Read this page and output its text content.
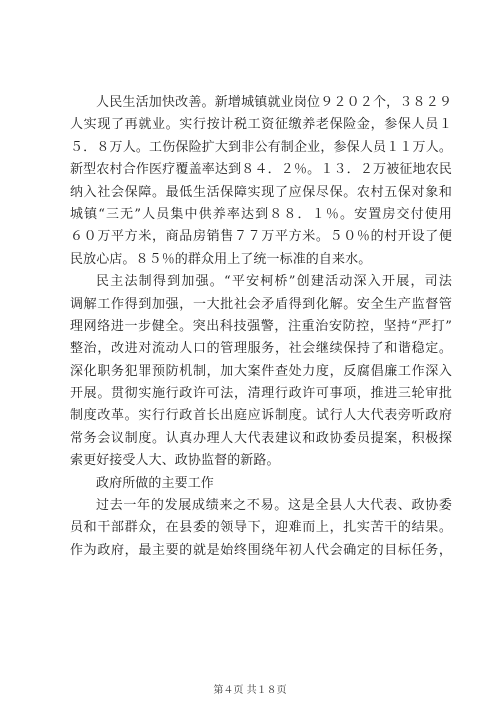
人民生活加快改善。新增城镇就业岗位９２０２个，３８２９
人实现了再就业。实行按计税工资征缴养老保险金，参保人员１
５．８万人。工伤保险扩大到非公有制企业，参保人员１１万人。
新型农村合作医疗覆盖率达到８４．２％。１３．２万被征地农民
纳入社会保障。最低生活保障实现了应保尽保。农村五保对象和
城镇“三无”人员集中供养率达到８８．１％。安置房交付使用
６０万平方米，商品房销售７７万平方米。５０％的村开设了便
民放心店。８５％的群众用上了统一标准的自来水。
民主法制得到加强。“平安柯桥”创建活动深入开展，司法
调解工作得到加强，一大批社会矛盾得到化解。安全生产监督管
理网络进一步健全。突出科技强警，注重治安防控，坚持“严打”
整治，改进对流动人口的管理服务，社会继续保持了和谐稳定。
深化职务犯罪预防机制，加大案件查处力度，反腐倡廉工作深入
开展。贯彻实施行政许可法，清理行政许可事项，推进三轮审批
制度改革。实行行政首长出庭应诉制度。试行人大代表旁听政府
常务会议制度。认真办理人大代表建议和政协委员提案，积极探
索更好接受人大、政协监督的新路。
政府所做的主要工作
过去一年的发展成绩来之不易。这是全县人大代表、政协委
员和干部群众，在县委的领导下，迎难而上，扎实苦干的结果。
作为政府，最主要的就是始终围绕年初人代会确定的目标任务，
第４页 共１８页
